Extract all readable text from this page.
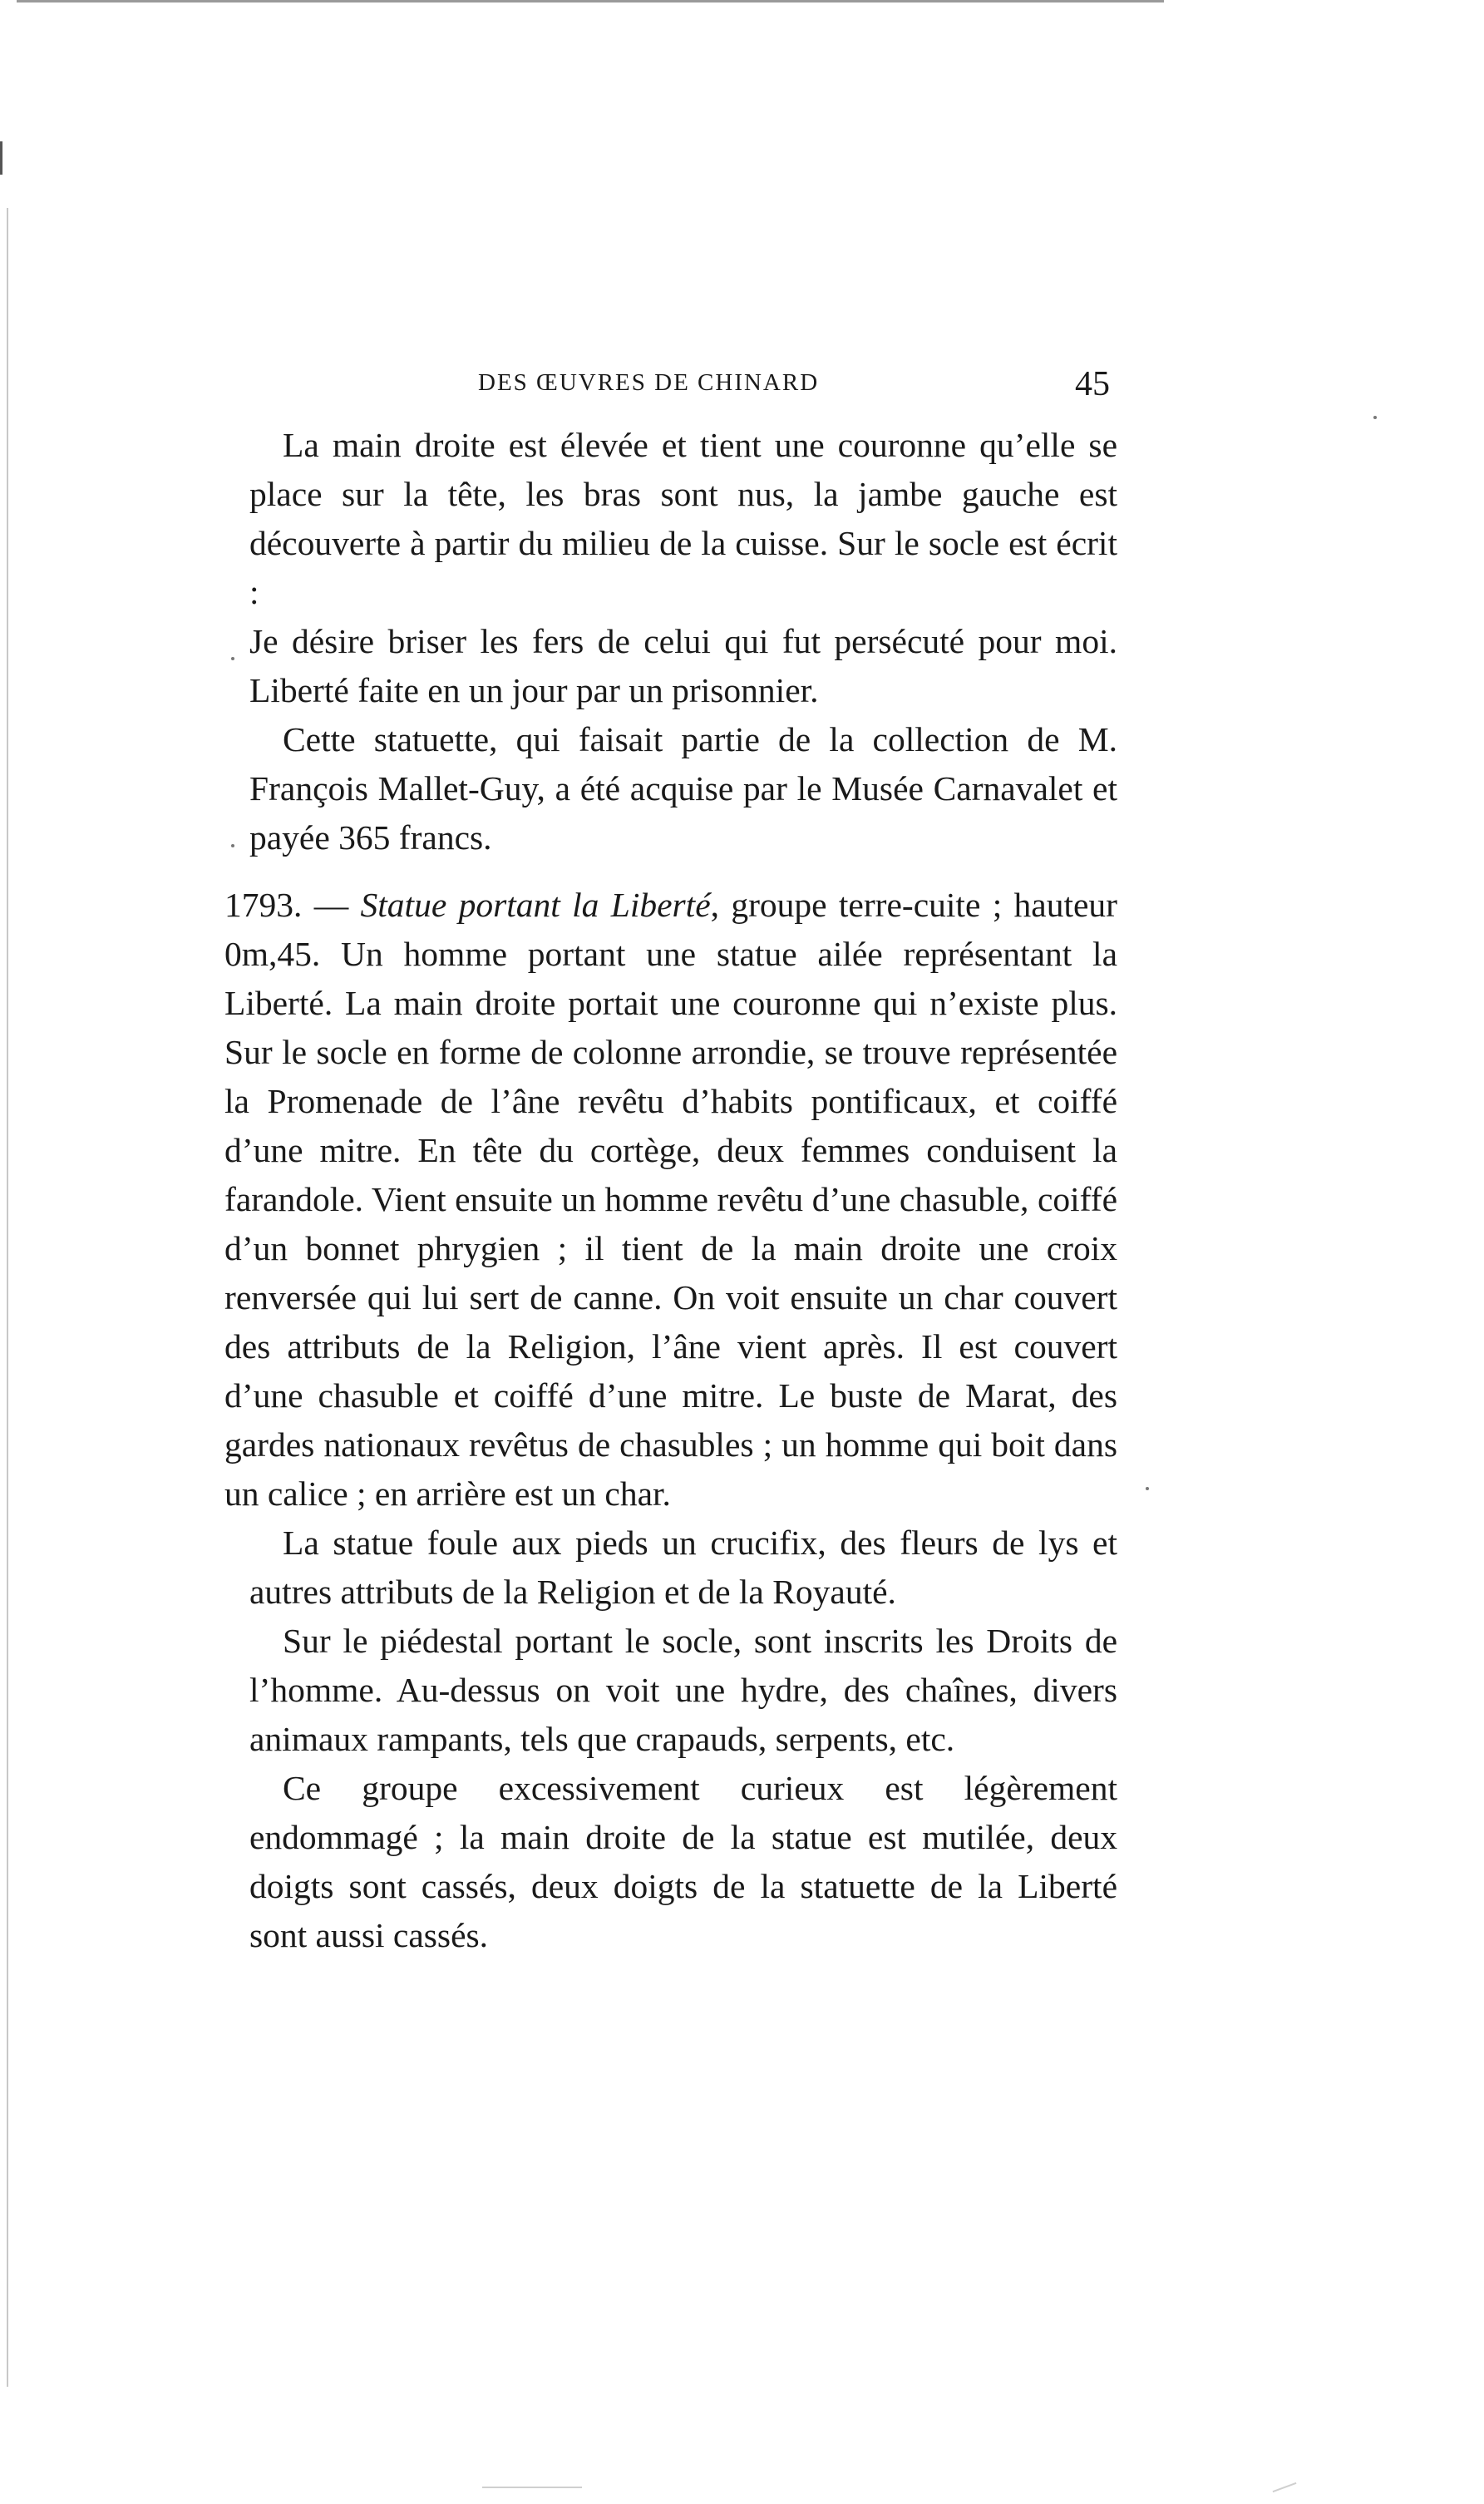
DES ŒUVRES DE CHINARD	45

La main droite est élevée et tient une couronne qu’elle se place sur la tête, les bras sont nus, la jambe gauche est découverte à partir du milieu de la cuisse. Sur le socle est écrit :

Je désire briser les fers de celui qui fut persécuté pour moi. Liberté faite en un jour par un prisonnier.

Cette statuette, qui faisait partie de la collection de M. François Mallet-Guy, a été acquise par le Musée Carnavalet et payée 365 francs.

1793. — Statue portant la Liberté, groupe terre-cuite ; hauteur 0m,45. Un homme portant une statue ailée représentant la Liberté. La main droite portait une couronne qui n’existe plus. Sur le socle en forme de colonne arrondie, se trouve représentée la Promenade de l’âne revêtu d’habits pontificaux, et coiffé d’une mitre. En tête du cortège, deux femmes conduisent la farandole. Vient ensuite un homme revêtu d’une chasuble, coiffé d’un bonnet phrygien ; il tient de la main droite une croix renversée qui lui sert de canne. On voit ensuite un char couvert des attributs de la Religion, l’âne vient après. Il est couvert d’une chasuble et coiffé d’une mitre. Le buste de Marat, des gardes nationaux revêtus de chasubles ; un homme qui boit dans un calice ; en arrière est un char.

La statue foule aux pieds un crucifix, des fleurs de lys et autres attributs de la Religion et de la Royauté.

Sur le piédestal portant le socle, sont inscrits les Droits de l’homme. Au-dessus on voit une hydre, des chaînes, divers animaux rampants, tels que crapauds, serpents, etc.

Ce groupe excessivement curieux est légèrement endommagé ; la main droite de la statue est mutilée, deux doigts sont cassés, deux doigts de la statuette de la Liberté sont aussi cassés.
